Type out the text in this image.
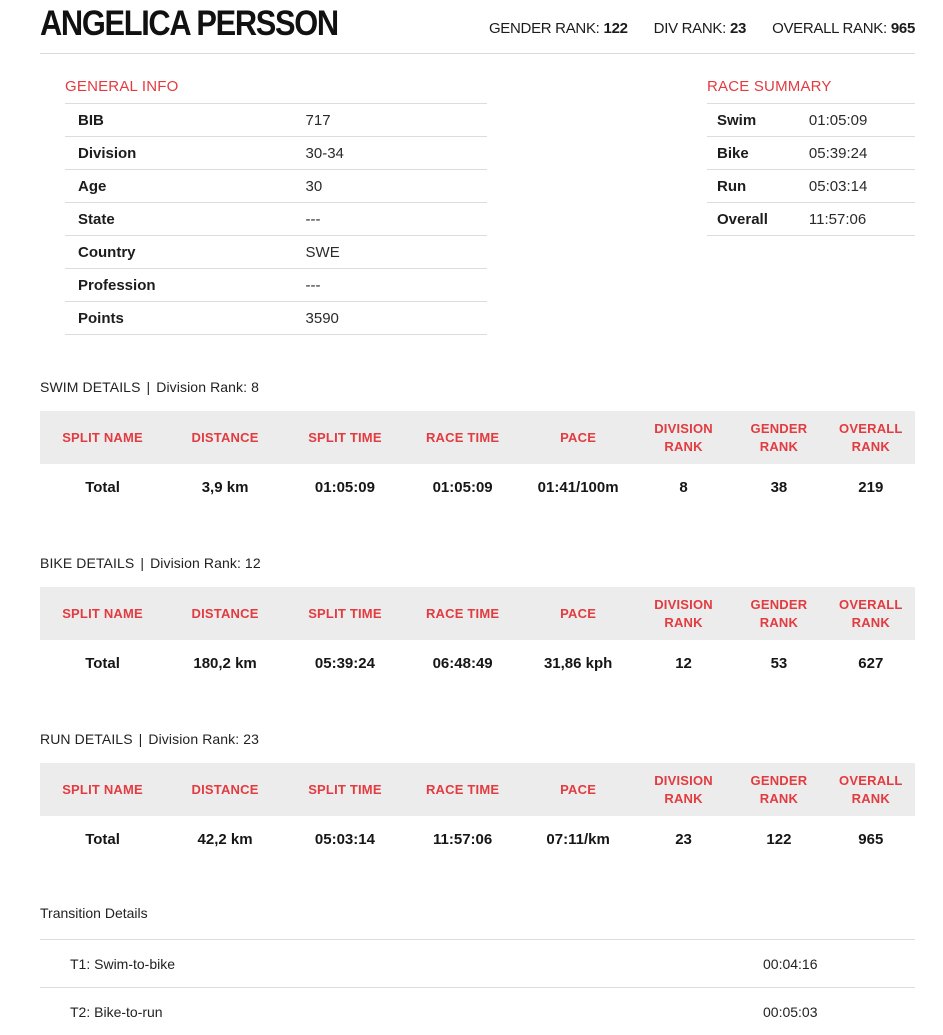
ANGELICA PERSSON	GENDER RANK: 122 DIV RANK: 23 OVERALL RANK: 965
GENERAL INFO
BIB	717
Division	30-34
Age	30
State	---
Country	SWE
Profession	---
Points	3590
RACE SUMMARY
Swim	01:05:09
Bike	05:39:24
Run	05:03:14
Overall	11:57:06
SWIM DETAILS | Division Rank: 8
SPLIT NAME	DISTANCE	SPLIT TIME	RACE TIME	PACE	DIVISION RANK	GENDER RANK	OVERALL RANK
Total	3,9 km	01:05:09	01:05:09	01:41/100m	8	38	219
BIKE DETAILS | Division Rank: 12
SPLIT NAME	DISTANCE	SPLIT TIME	RACE TIME	PACE	DIVISION RANK	GENDER RANK	OVERALL RANK
Total	180,2 km	05:39:24	06:48:49	31,86 kph	12	53	627
RUN DETAILS | Division Rank: 23
SPLIT NAME	DISTANCE	SPLIT TIME	RACE TIME	PACE	DIVISION RANK	GENDER RANK	OVERALL RANK
Total	42,2 km	05:03:14	11:57:06	07:11/km	23	122	965
Transition Details
T1: Swim-to-bike	00:04:16
T2: Bike-to-run	00:05:03
